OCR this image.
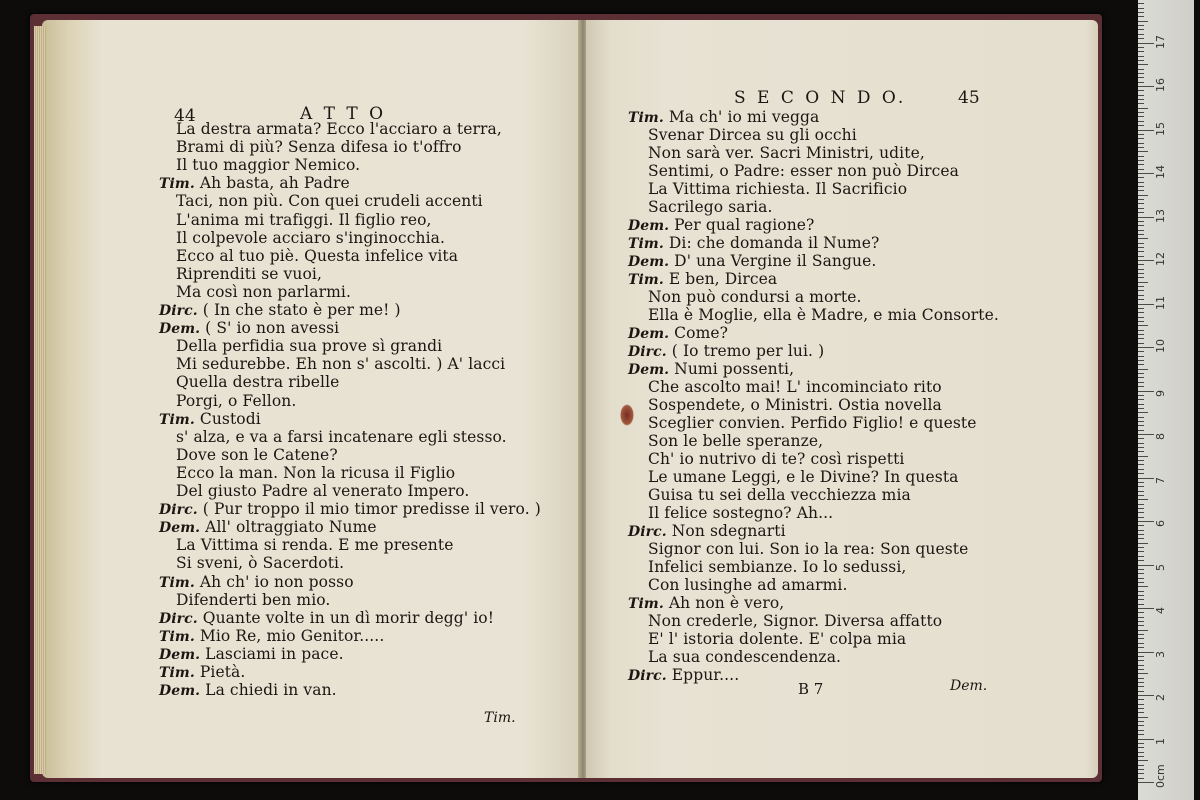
44	A T T O
La destra armata? Ecco l'acciaro a terra,
Brami di più? Senza difesa io t'offro
Il tuo maggior Nemico.
Tim. Ah basta, ah Padre
Taci, non più. Con quei crudeli accenti
L'anima mi trafiggi. Il figlio reo,
Il colpevole acciaro s'inginocchia.
Ecco al tuo piè. Questa infelice vita
Riprenditi se vuoi,
Ma così non parlarmi.
Dirc. ( In che stato è per me! )
Dem. ( S' io non avessi
Della perfidia sua prove sì grandi
Mi sedurebbe. Eh non s' ascolti. ) A' lacci
Quella destra ribelle
Porgi, o Fellon.
Tim. Custodi
s' alza, e va a farsi incatenare egli stesso.
Dove son le Catene?
Ecco la man. Non la ricusa il Figlio
Del giusto Padre al venerato Impero.
Dirc. ( Pur troppo il mio timor predisse il vero. )
Dem. All' oltraggiato Nume
La Vittima si renda. E me presente
Si sveni, ò Sacerdoti.
Tim. Ah ch' io non posso
Difenderti ben mio.
Dirc. Quante volte in un dì morir degg' io!
Tim. Mio Re, mio Genitor.....
Dem. Lasciami in pace.
Tim. Pietà.
Dem. La chiedi in van.
Tim.
S E C O N D O.	45
Tim. Ma ch' io mi vegga
Svenar Dircea su gli occhi
Non sarà ver. Sacri Ministri, udite,
Sentimi, o Padre: esser non può Dircea
La Vittima richiesta. Il Sacrificio
Sacrilego saria.
Dem. Per qual ragione?
Tim. Di: che domanda il Nume?
Dem. D' una Vergine il Sangue.
Tim. E ben, Dircea
Non può condursi a morte.
Ella è Moglie, ella è Madre, e mia Consorte.
Dem. Come?
Dirc. ( Io tremo per lui. )
Dem. Numi possenti,
Che ascolto mai! L' incominciato rito
Sospendete, o Ministri. Ostia novella
Sceglier convien. Perfido Figlio! e queste
Son le belle speranze,
Ch' io nutrivo di te? così rispetti
Le umane Leggi, e le Divine? In questa
Guisa tu sei della vecchiezza mia
Il felice sostegno? Ah...
Dirc. Non sdegnarti
Signor con lui. Son io la rea: Son queste
Infelici sembianze. Io lo sedussi,
Con lusinghe ad amarmi.
Tim. Ah non è vero,
Non crederle, Signor. Diversa affatto
E' l' istoria dolente. E' colpa mia
La sua condescendenza.
Dirc. Eppur....
B 7	Dem.
0cm
1
2
3
4
5
6
7
8
9
10
11
12
13
14
15
16
17
